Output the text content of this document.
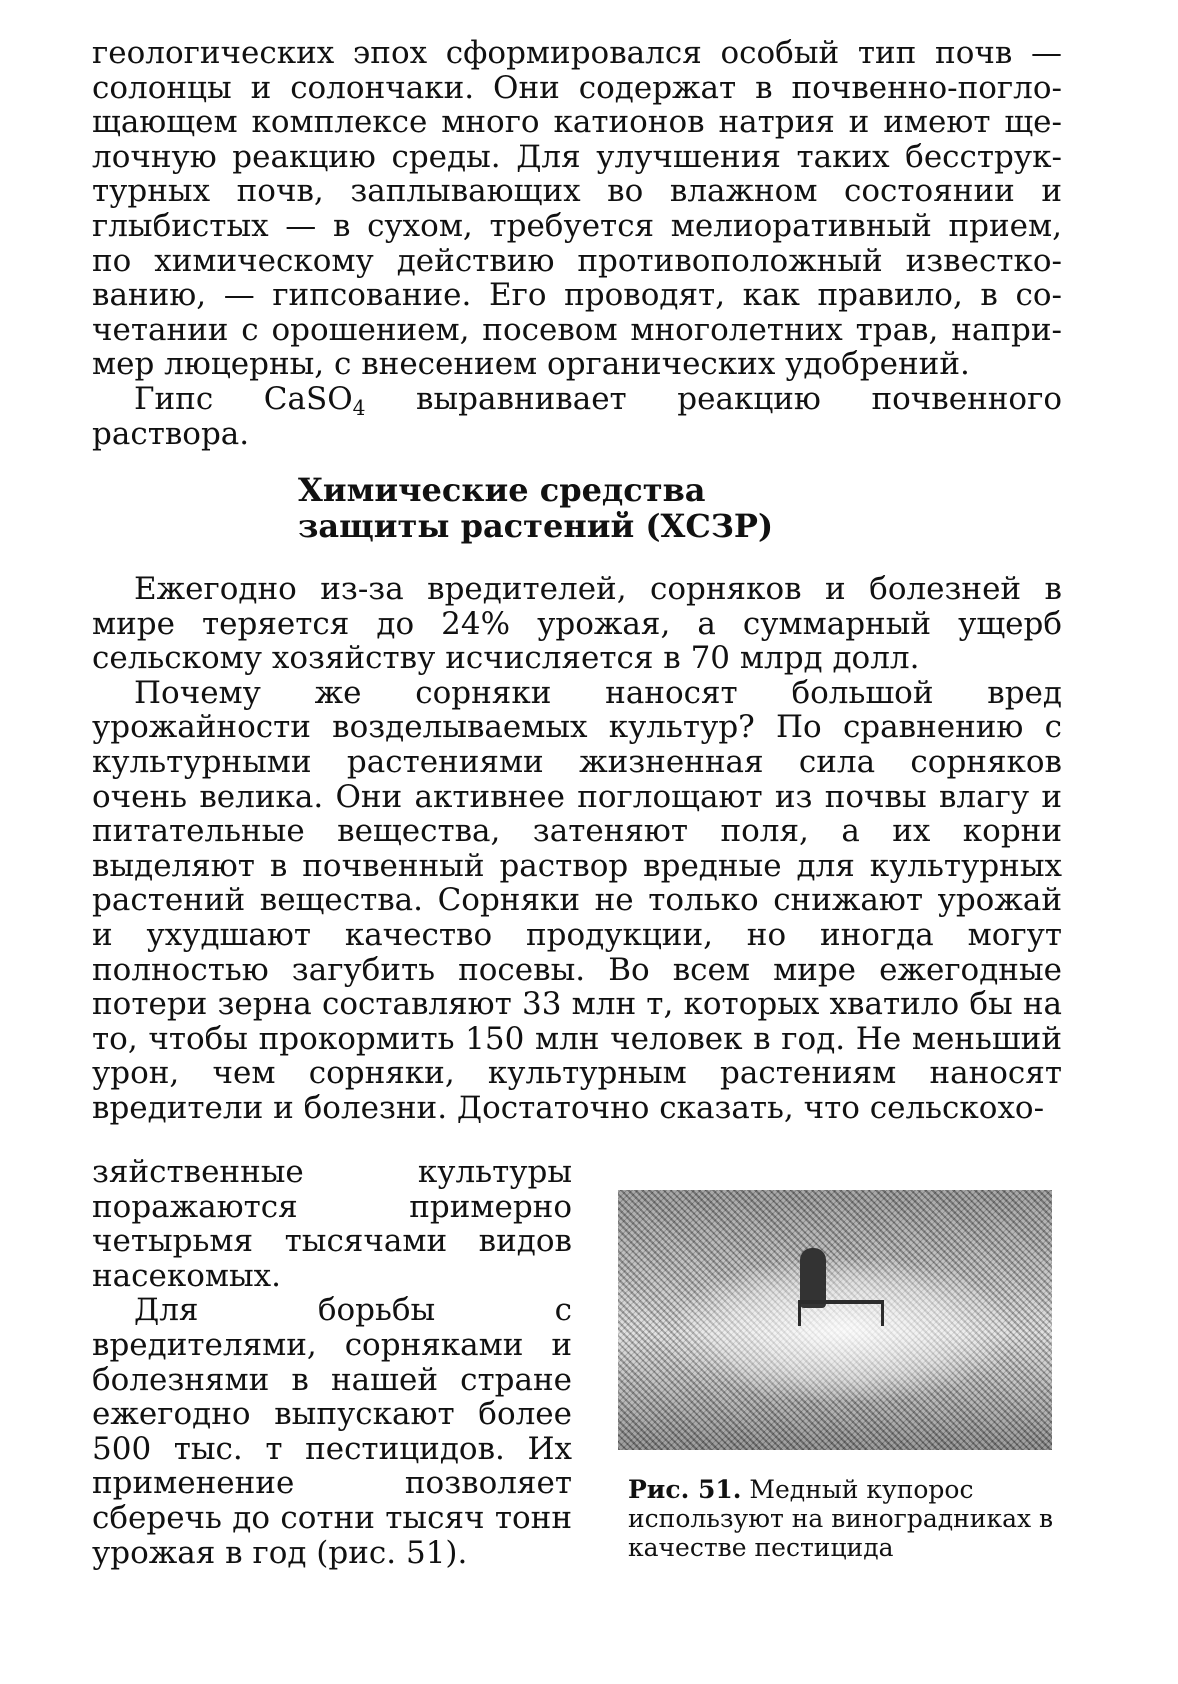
геологических эпох сформировался особый тип почв —
солонцы и солончаки. Они содержат в почвенно-погло-
щающем комплексе много катионов натрия и имеют ще-
лочную реакцию среды. Для улучшения таких бесструк-
турных почв, заплывающих во влажном состоянии и
глыбистых — в сухом, требуется мелиоративный прием,
по химическому действию противоположный известко-
ванию, — гипсование. Его проводят, как правило, в со-
четании с орошением, посевом многолетних трав, напри-
мер люцерны, с внесением органических удобрений.
Гипс CaSO$_4$ выравнивает реакцию почвенного раствора.
Химические средства
защиты растений (ХСЗР)

Ежегодно из-за вредителей, сорняков и болезней в мире теряется до 24% урожая, а суммарный ущерб сельскому хозяйству исчисляется в 70 млрд долл.

Почему же сорняки наносят большой вред урожайности возделываемых культур? По сравнению с культурными растениями жизненная сила сорняков очень велика. Они активнее поглощают из почвы влагу и питательные вещества, затеняют поля, а их корни выделяют в почвенный раствор вредные для культурных растений вещества. Сорняки не только снижают урожай и ухудшают качество продукции, но иногда могут полностью загубить посевы. Во всем мире ежегодные потери зерна составляют 33 млн т, которых хватило бы на то, чтобы прокормить 150 млн человек в год. Не меньший урон, чем сорняки, культурным растениям наносят вредители и болезни. Достаточно сказать, что сельскохо-

зяйственные культуры поражаются примерно четырьмя тысячами видов насекомых.

Для борьбы с вредителями, сорняками и болезнями в нашей стране ежегодно выпускают более 500 тыс. т пестицидов. Их применение позволяет сберечь до сотни тысяч тонн урожая в год (рис. 51).

Рис. 51. Медный купорос используют на виноградниках в качестве пестицида
